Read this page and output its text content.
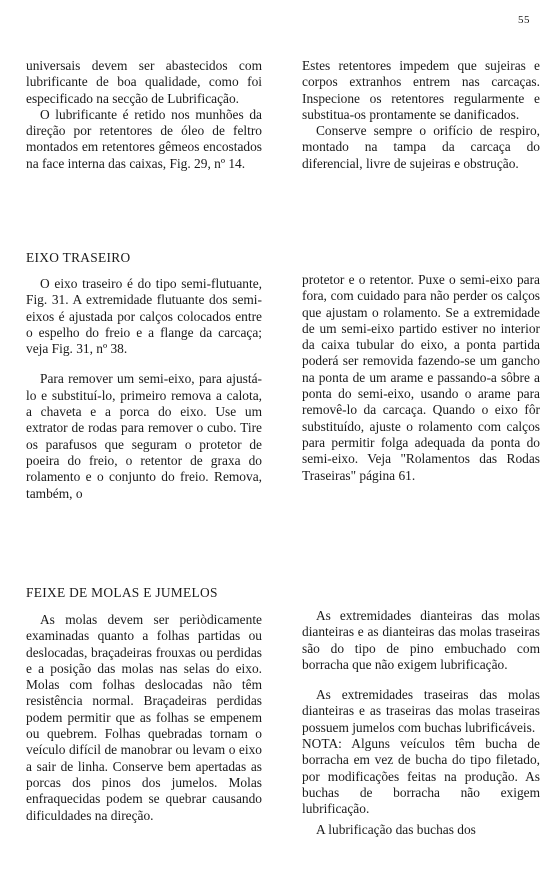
55

universais devem ser abastecidos com lubrificante de boa qualidade, como foi especificado na secção de Lubrificação.

O lubrificante é retido nos munhões da direção por retentores de óleo de feltro montados em retentores gêmeos encostados na face interna das caixas, Fig. 29, nº 14.

Estes retentores impedem que sujeiras e corpos extranhos entrem nas carcaças. Inspecione os retentores regularmente e substitua-os prontamente se danificados.

Conserve sempre o orifício de respiro, montado na tampa da carcaça do diferencial, livre de sujeiras e obstrução.

EIXO TRASEIRO

O eixo traseiro é do tipo semi-flutuante, Fig. 31. A extremidade flutuante dos semi-eixos é ajustada por calços colocados entre o espelho do freio e a flange da carcaça; veja Fig. 31, nº 38.

Para remover um semi-eixo, para ajustá-lo e substituí-lo, primeiro remova a calota, a chaveta e a porca do eixo. Use um extrator de rodas para remover o cubo. Tire os parafusos que seguram o protetor de poeira do freio, o retentor de graxa do rolamento e o conjunto do freio. Remova, também, o

protetor e o retentor. Puxe o semi-eixo para fora, com cuidado para não perder os calços que ajustam o rolamento. Se a extremidade de um semi-eixo partido estiver no interior da caixa tubular do eixo, a ponta partida poderá ser removida fazendo-se um gancho na ponta de um arame e passando-a sôbre a ponta do semi-eixo, usando o arame para removê-lo da carcaça. Quando o eixo fôr substituído, ajuste o rolamento com calços para permitir folga adequada da ponta do semi-eixo. Veja "Rolamentos das Rodas Traseiras" página 61.

FEIXE DE MOLAS E JUMELOS

As molas devem ser periòdicamente examinadas quanto a folhas partidas ou deslocadas, braçadeiras frouxas ou perdidas e a posição das molas nas selas do eixo. Molas com folhas deslocadas não têm resistência normal. Braçadeiras perdidas podem permitir que as folhas se empenem ou quebrem. Folhas quebradas tornam o veículo difícil de manobrar ou levam o eixo a sair de linha. Conserve bem apertadas as porcas dos pinos dos jumelos. Molas enfraquecidas podem se quebrar causando dificuldades na direção.

As extremidades dianteiras das molas dianteiras e as dianteiras das molas traseiras são do tipo de pino embuchado com borracha que não exigem lubrificação.

As extremidades traseiras das molas dianteiras e as traseiras das molas traseiras possuem jumelos com buchas lubrificáveis.

NOTA: Alguns veículos têm bucha de borracha em vez de bucha do tipo filetado, por modificações feitas na produção. As buchas de borracha não exigem lubrificação.

A lubrificação das buchas dos
